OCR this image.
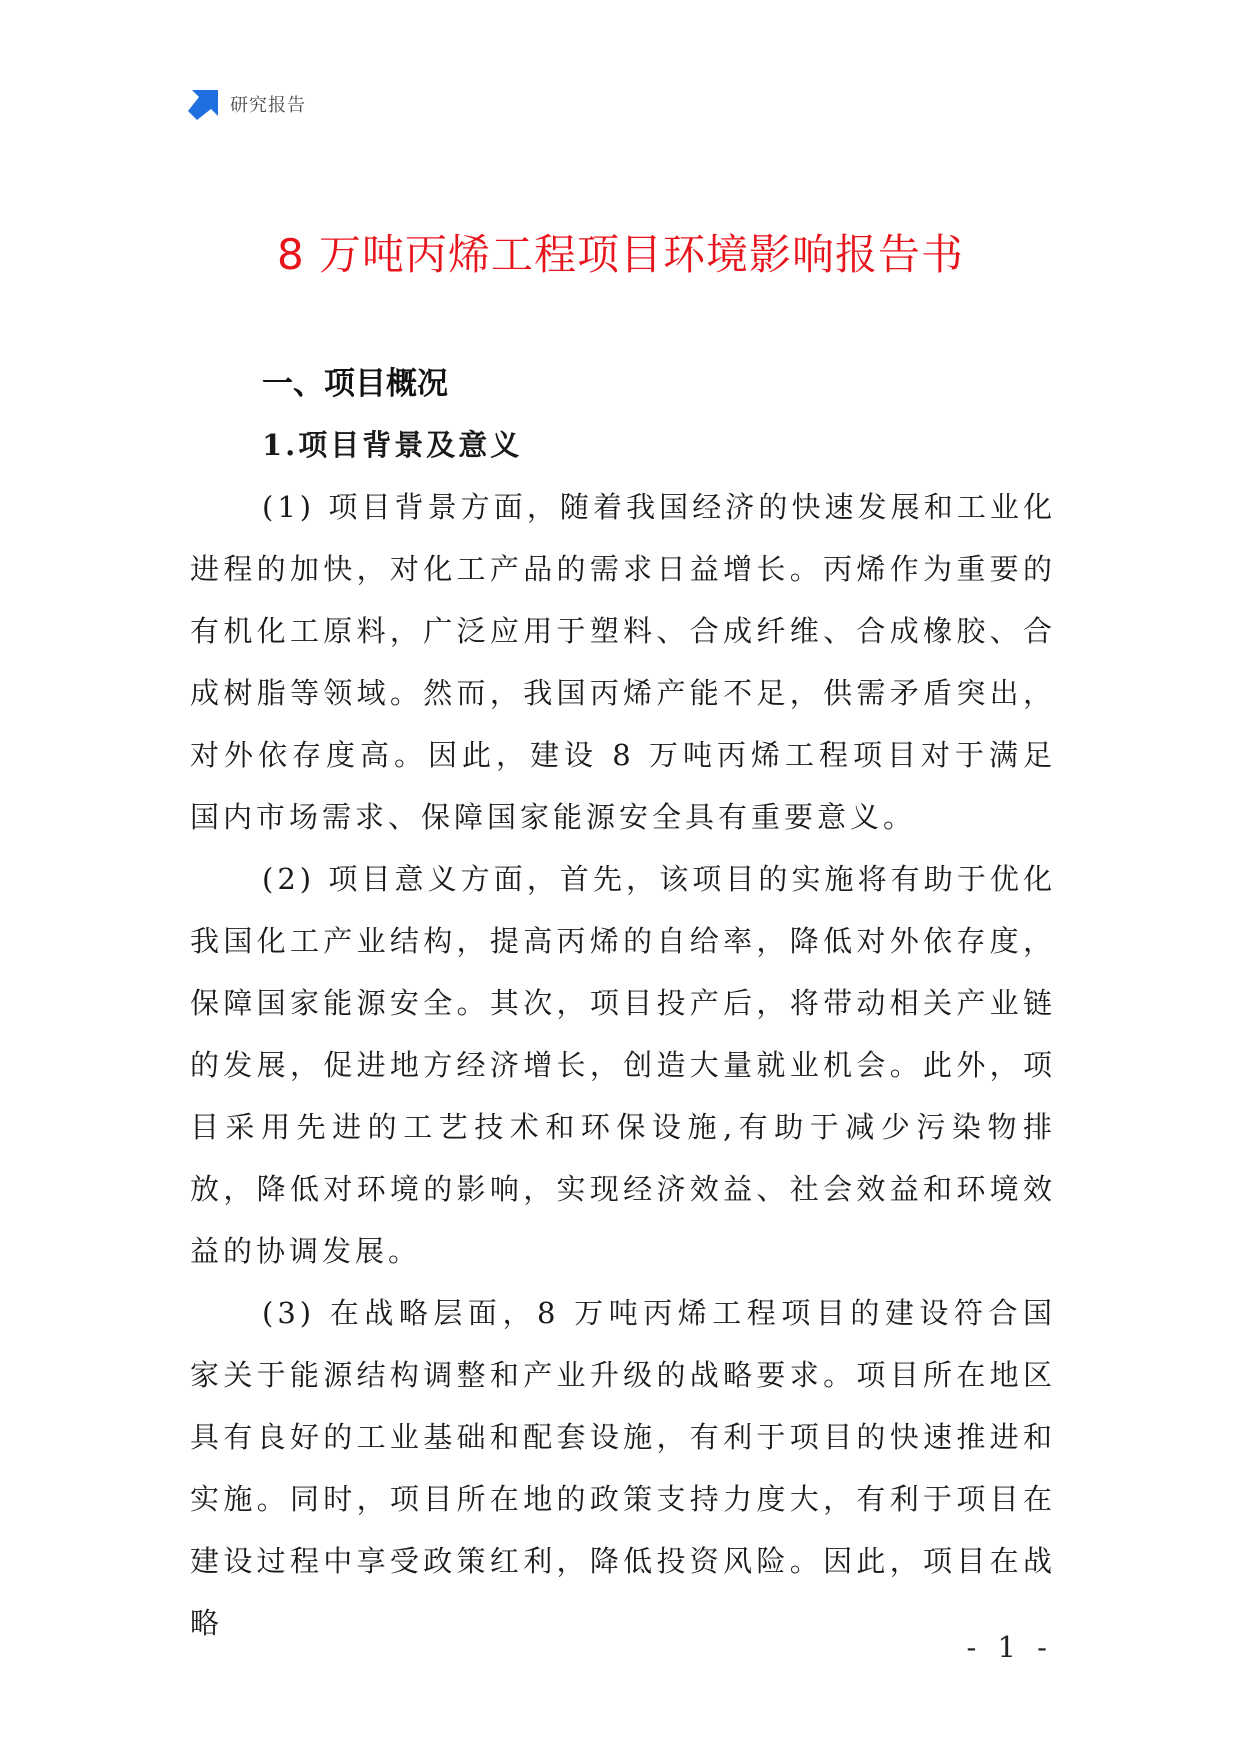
研究报告
8 万吨丙烯工程项目环境影响报告书
一、项目概况
1.项目背景及意义

(1) 项目背景方面，随着我国经济的快速发展和工业化进程的加快，对化工产品的需求日益增长。丙烯作为重要的有机化工原料，广泛应用于塑料、合成纤维、合成橡胶、合成树脂等领域。然而，我国丙烯产能不足，供需矛盾突出，对外依存度高。因此，建设 8 万吨丙烯工程项目对于满足国内市场需求、保障国家能源安全具有重要意义。

(2) 项目意义方面，首先，该项目的实施将有助于优化我国化工产业结构，提高丙烯的自给率，降低对外依存度，保障国家能源安全。其次，项目投产后，将带动相关产业链的发展，促进地方经济增长，创造大量就业机会。此外，项目采用先进的工艺技术和环保设施,有助于减少污染物排放，降低对环境的影响，实现经济效益、社会效益和环境效益的协调发展。

(3) 在战略层面，8 万吨丙烯工程项目的建设符合国家关于能源结构调整和产业升级的战略要求。项目所在地区具有良好的工业基础和配套设施，有利于项目的快速推进和实施。同时，项目所在地的政策支持力度大，有利于项目在建设过程中享受政策红利，降低投资风险。因此，项目在战略

- 1 -
